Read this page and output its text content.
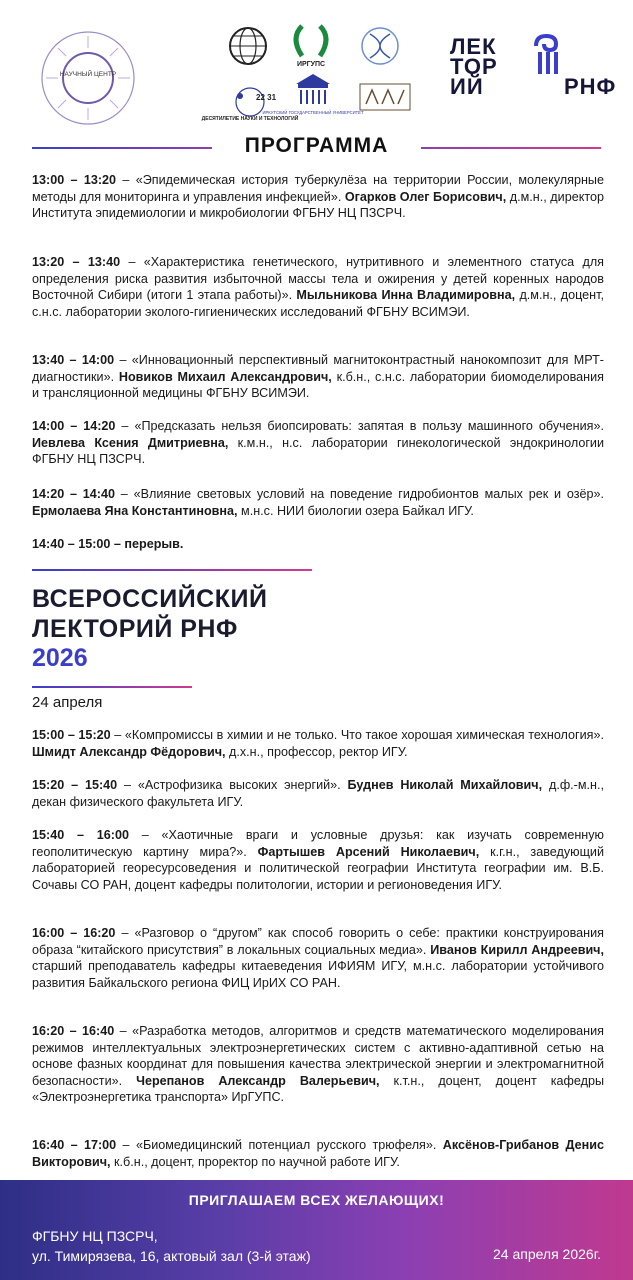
НАУЧНЫЙ ЦЕНТР
ИРГУПС
22 31
ДЕСЯТИЛЕТИЕ НАУКИ И ТЕХНОЛОГИЙ
ИРКУТСКИЙ ГОСУДАРСТВЕННЫЙ УНИВЕРСИТЕТ
ЛЕК
ТОР
ИЙ	РНФ
ПРОГРАММА
13:00 – 13:20 – «Эпидемическая история туберкулёза на территории России, молекулярные методы для мониторинга и управления инфекцией». Огарков Олег Борисович, д.м.н., директор Института эпидемиологии и микробиологии ФГБНУ НЦ ПЗСРЧ.
13:20 – 13:40 – «Характеристика генетического, нутритивного и элементного статуса для определения риска развития избыточной массы тела и ожирения у детей коренных народов Восточной Сибири (итоги 1 этапа работы)». Мыльникова Инна Владимировна, д.м.н., доцент, с.н.с. лаборатории эколого-гигиенических исследований ФГБНУ ВСИМЭИ.
13:40 – 14:00 – «Инновационный перспективный магнитоконтрастный нанокомпозит для МРТ-диагностики». Новиков Михаил Александрович, к.б.н., с.н.с. лаборатории биомоделирования и трансляционной медицины ФГБНУ ВСИМЭИ.
14:00 – 14:20 – «Предсказать нельзя биопсировать: запятая в пользу машинного обучения». Иевлева Ксения Дмитриевна, к.м.н., н.с. лаборатории гинекологической эндокринологии ФГБНУ НЦ ПЗСРЧ.
14:20 – 14:40 – «Влияние световых условий на поведение гидробионтов малых рек и озёр». Ермолаева Яна Константиновна, м.н.с. НИИ биологии озера Байкал ИГУ.
14:40 – 15:00 – перерыв.
ВСЕРОССИЙСКИЙ
ЛЕКТОРИЙ РНФ
2026
24 апреля
15:00 – 15:20 – «Компромиссы в химии и не только. Что такое хорошая химическая технология». Шмидт Александр Фёдорович, д.х.н., профессор, ректор ИГУ.
15:20 – 15:40 – «Астрофизика высоких энергий». Буднев Николай Михайлович, д.ф.-м.н., декан физического факультета ИГУ.
15:40 – 16:00 – «Хаотичные враги и условные друзья: как изучать современную геополитическую картину мира?». Фартышев Арсений Николаевич, к.г.н., заведующий лабораторией георесурсоведения и политической географии Института географии им. В.Б. Сочавы СО РАН, доцент кафедры политологии, истории и регионоведения ИГУ.
16:00 – 16:20 – «Разговор о “другом” как способ говорить о себе: практики конструирования образа “китайского присутствия” в локальных социальных медиа». Иванов Кирилл Андреевич, старший преподаватель кафедры китаеведения ИФИЯМ ИГУ, м.н.с. лаборатории устойчивого развития Байкальского региона ФИЦ ИрИХ СО РАН.
16:20 – 16:40 – «Разработка методов, алгоритмов и средств математического моделирования режимов интеллектуальных электроэнергетических систем с активно-адаптивной сетью на основе фазных координат для повышения качества электрической энергии и электромагнитной безопасности». Черепанов Александр Валерьевич, к.т.н., доцент, доцент кафедры «Электроэнергетика транспорта» ИрГУПС.
16:40 – 17:00 – «Биомедицинский потенциал русского трюфеля». Аксёнов-Грибанов Денис Викторович, к.б.н., доцент, проректор по научной работе ИГУ.
ПРИГЛАШАЕМ ВСЕХ ЖЕЛАЮЩИХ!
ФГБНУ НЦ ПЗСРЧ,
ул. Тимирязева, 16, актовый зал (3-й этаж)	24 апреля 2026г.
